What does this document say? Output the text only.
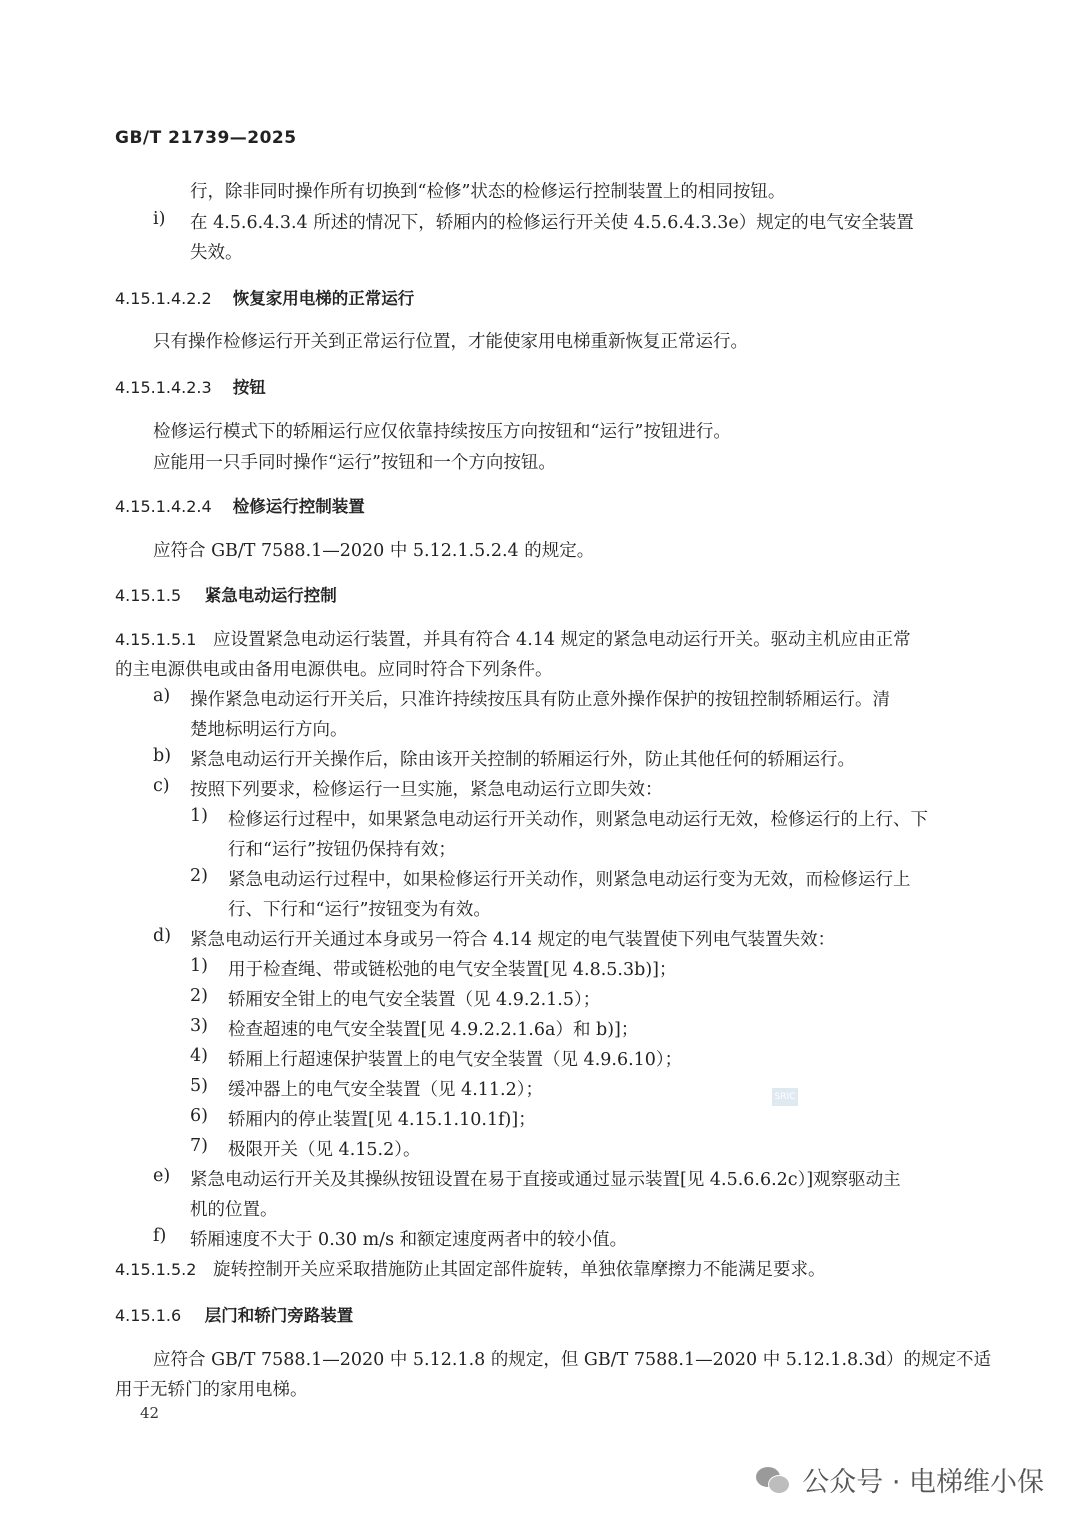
GB/T 21739—2025
行，除非同时操作所有切换到“检修”状态的检修运行控制装置上的相同按钮。
i) 在 4.5.6.4.3.4 所述的情况下，轿厢内的检修运行开关使 4.5.6.4.3.3e）规定的电气安全装置
失效。
4.15.1.4.2.2 恢复家用电梯的正常运行
只有操作检修运行开关到正常运行位置，才能使家用电梯重新恢复正常运行。
4.15.1.4.2.3 按钮
检修运行模式下的轿厢运行应仅依靠持续按压方向按钮和“运行”按钮进行。
应能用一只手同时操作“运行”按钮和一个方向按钮。
4.15.1.4.2.4 检修运行控制装置
应符合 GB/T 7588.1—2020 中 5.12.1.5.2.4 的规定。
4.15.1.5 紧急电动运行控制
4.15.1.5.1 应设置紧急电动运行装置，并具有符合 4.14 规定的紧急电动运行开关。驱动主机应由正常
的主电源供电或由备用电源供电。应同时符合下列条件。
a) 操作紧急电动运行开关后，只准许持续按压具有防止意外操作保护的按钮控制轿厢运行。清
楚地标明运行方向。
b) 紧急电动运行开关操作后，除由该开关控制的轿厢运行外，防止其他任何的轿厢运行。
c) 按照下列要求，检修运行一旦实施，紧急电动运行立即失效：
1) 检修运行过程中，如果紧急电动运行开关动作，则紧急电动运行无效，检修运行的上行、下
行和“运行”按钮仍保持有效；
2) 紧急电动运行过程中，如果检修运行开关动作，则紧急电动运行变为无效，而检修运行上
行、下行和“运行”按钮变为有效。
d) 紧急电动运行开关通过本身或另一符合 4.14 规定的电气装置使下列电气装置失效：
1) 用于检查绳、带或链松弛的电气安全装置[见 4.8.5.3b)]；
2) 轿厢安全钳上的电气安全装置（见 4.9.2.1.5）；
3) 检查超速的电气安全装置[见 4.9.2.2.1.6a）和 b)]；
4) 轿厢上行超速保护装置上的电气安全装置（见 4.9.6.10）；
5) 缓冲器上的电气安全装置（见 4.11.2）；
6) 轿厢内的停止装置[见 4.15.1.10.1f)]；
7) 极限开关（见 4.15.2）。
SRIC
e) 紧急电动运行开关及其操纵按钮设置在易于直接或通过显示装置[见 4.5.6.6.2c）]观察驱动主
机的位置。
f) 轿厢速度不大于 0.30 m/s 和额定速度两者中的较小值。
4.15.1.5.2 旋转控制开关应采取措施防止其固定部件旋转，单独依靠摩擦力不能满足要求。
4.15.1.6 层门和轿门旁路装置
应符合 GB/T 7588.1—2020 中 5.12.1.8 的规定，但 GB/T 7588.1—2020 中 5.12.1.8.3d）的规定不适
用于无轿门的家用电梯。
42
公众号 · 电梯维小保
